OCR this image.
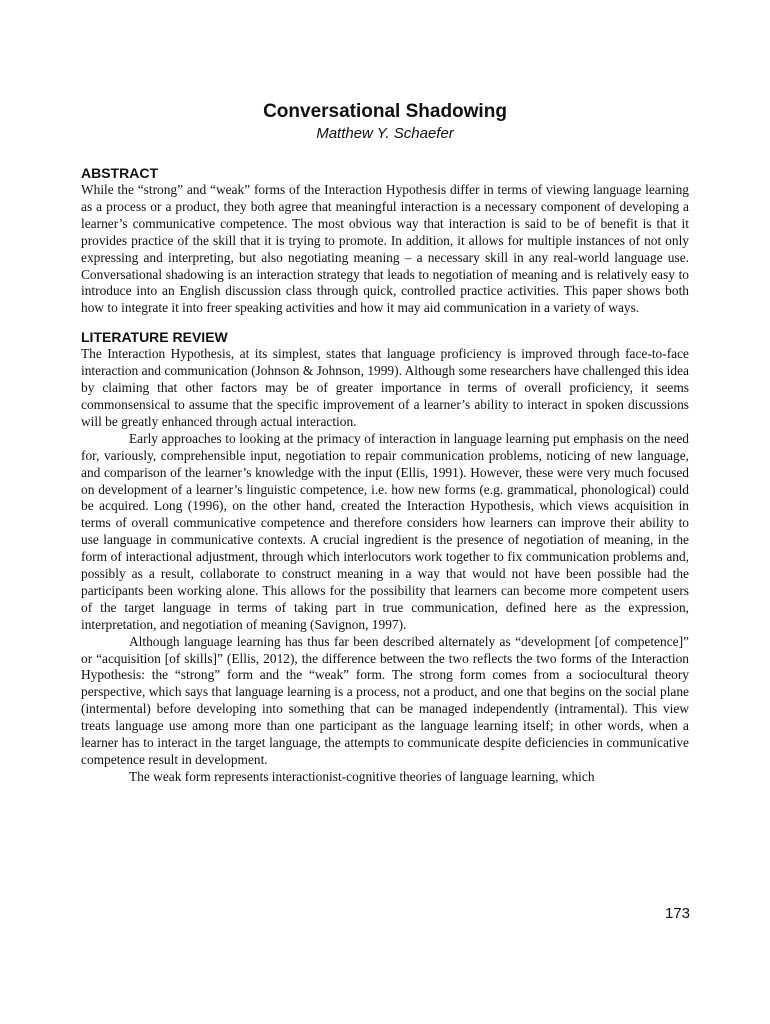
Conversational Shadowing

Matthew Y. Schaefer

ABSTRACT

While the “strong” and “weak” forms of the Interaction Hypothesis differ in terms of viewing language learning as a process or a product, they both agree that meaningful interaction is a necessary component of developing a learner’s communicative competence. The most obvious way that interaction is said to be of benefit is that it provides practice of the skill that it is trying to promote. In addition, it allows for multiple instances of not only expressing and interpreting, but also negotiating meaning – a necessary skill in any real-world language use. Conversational shadowing is an interaction strategy that leads to negotiation of meaning and is relatively easy to introduce into an English discussion class through quick, controlled practice activities. This paper shows both how to integrate it into freer speaking activities and how it may aid communication in a variety of ways.

LITERATURE REVIEW

The Interaction Hypothesis, at its simplest, states that language proficiency is improved through face-to-face interaction and communication (Johnson & Johnson, 1999). Although some researchers have challenged this idea by claiming that other factors may be of greater importance in terms of overall proficiency, it seems commonsensical to assume that the specific improvement of a learner’s ability to interact in spoken discussions will be greatly enhanced through actual interaction.

Early approaches to looking at the primacy of interaction in language learning put emphasis on the need for, variously, comprehensible input, negotiation to repair communication problems, noticing of new language, and comparison of the learner’s knowledge with the input (Ellis, 1991). However, these were very much focused on development of a learner’s linguistic competence, i.e. how new forms (e.g. grammatical, phonological) could be acquired. Long (1996), on the other hand, created the Interaction Hypothesis, which views acquisition in terms of overall communicative competence and therefore considers how learners can improve their ability to use language in communicative contexts. A crucial ingredient is the presence of negotiation of meaning, in the form of interactional adjustment, through which interlocutors work together to fix communication problems and, possibly as a result, collaborate to construct meaning in a way that would not have been possible had the participants been working alone. This allows for the possibility that learners can become more competent users of the target language in terms of taking part in true communication, defined here as the expression, interpretation, and negotiation of meaning (Savignon, 1997).

Although language learning has thus far been described alternately as “development [of competence]” or “acquisition [of skills]” (Ellis, 2012), the difference between the two reflects the two forms of the Interaction Hypothesis: the “strong” form and the “weak” form. The strong form comes from a sociocultural theory perspective, which says that language learning is a process, not a product, and one that begins on the social plane (intermental) before developing into something that can be managed independently (intramental). This view treats language use among more than one participant as the language learning itself; in other words, when a learner has to interact in the target language, the attempts to communicate despite deficiencies in communicative competence result in development.

The weak form represents interactionist-cognitive theories of language learning, which

173
